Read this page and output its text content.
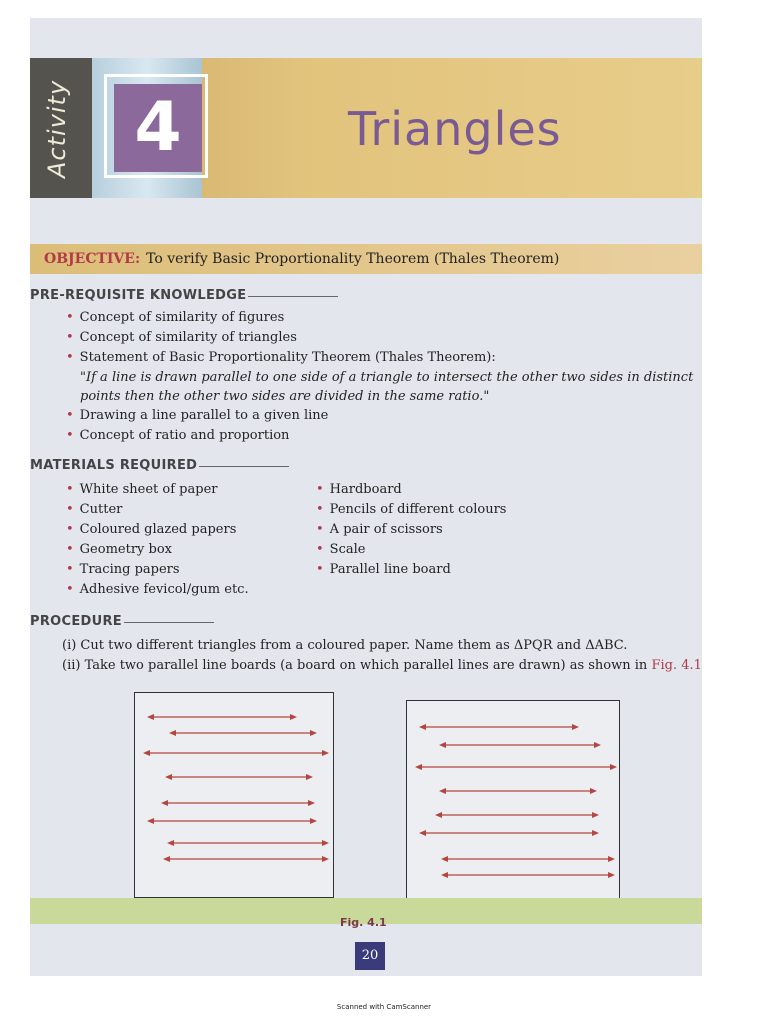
Activity 4	Triangles
OBJECTIVE: To verify Basic Proportionality Theorem (Thales Theorem)
PRE-REQUISITE KNOWLEDGE
• Concept of similarity of figures
• Concept of similarity of triangles
• Statement of Basic Proportionality Theorem (Thales Theorem):
"If a line is drawn parallel to one side of a triangle to intersect the other two sides in distinct points then the other two sides are divided in the same ratio."
• Drawing a line parallel to a given line
• Concept of ratio and proportion
MATERIALS REQUIRED
• White sheet of paper
• Cutter
• Coloured glazed papers
• Geometry box
• Tracing papers
• Adhesive fevicol/gum etc.
• Hardboard
• Pencils of different colours
• A pair of scissors
• Scale
• Parallel line board
PROCEDURE
(i) Cut two different triangles from a coloured paper. Name them as ΔPQR and ΔABC.
(ii) Take two parallel line boards (a board on which parallel lines are drawn) as shown in Fig. 4.1
Fig. 4.1
20
Scanned with CamScanner
